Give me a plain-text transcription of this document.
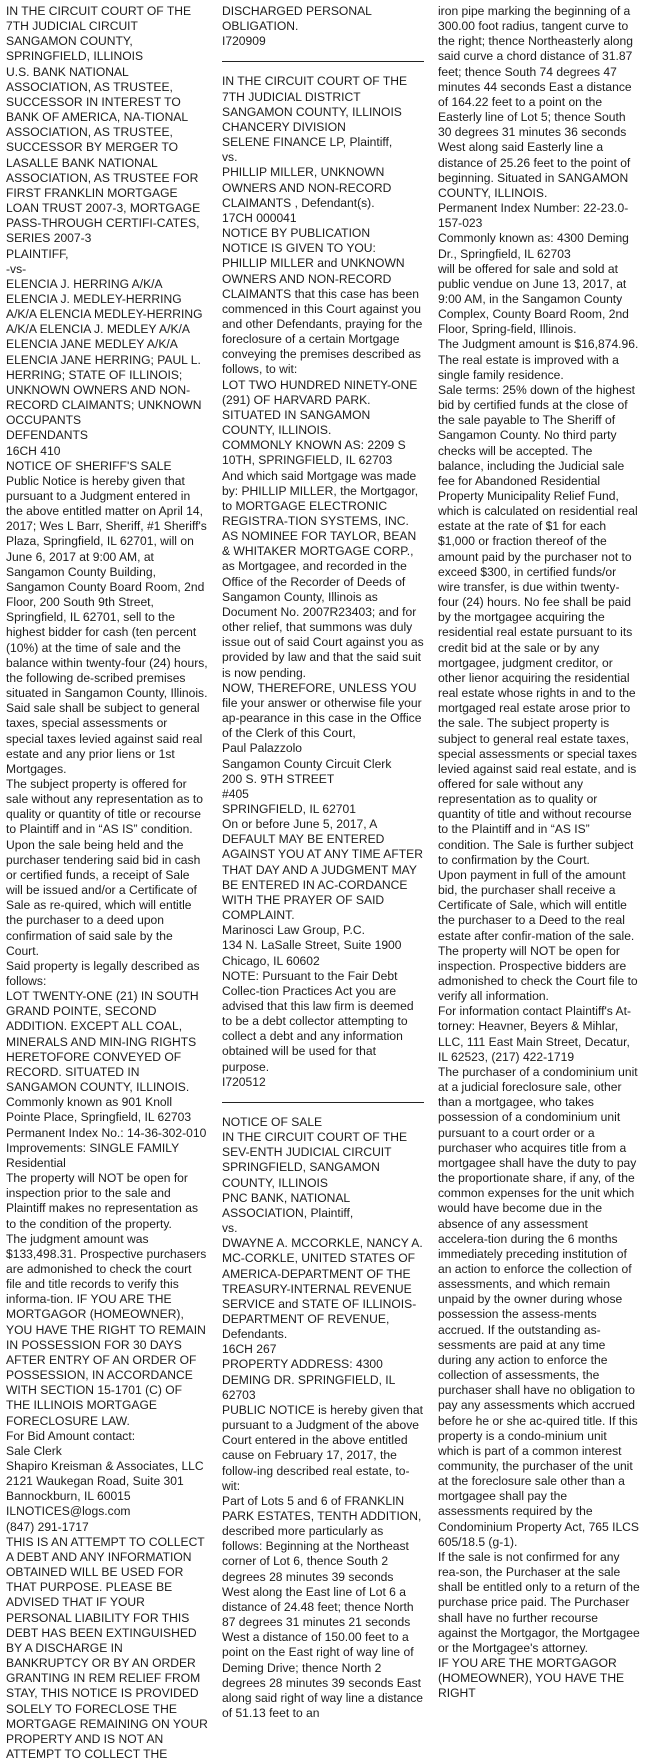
IN THE CIRCUIT COURT OF THE 7TH JUDICIAL CIRCUIT

SANGAMON COUNTY, SPRINGFIELD, ILLINOIS

U.S. BANK NATIONAL ASSOCIATION, AS TRUSTEE, SUCCESSOR IN INTEREST TO BANK OF AMERICA, NA-TIONAL ASSOCIATION, AS TRUSTEE, SUCCESSOR BY MERGER TO LASALLE BANK NATIONAL ASSOCIATION, AS TRUSTEE FOR FIRST FRANKLIN MORTGAGE LOAN TRUST 2007-3, MORTGAGE PASS-THROUGH CERTIFI-CATES, SERIES 2007-3

PLAINTIFF,

-vs-

ELENCIA J. HERRING A/K/A ELENCIA J. MEDLEY-HERRING A/K/A ELENCIA MEDLEY-HERRING A/K/A ELENCIA J. MEDLEY A/K/A ELENCIA JANE MEDLEY A/K/A ELENCIA JANE HERRING; PAUL L. HERRING; STATE OF ILLINOIS; UNKNOWN OWNERS AND NON-RECORD CLAIMANTS; UNKNOWN OCCUPANTS

DEFENDANTS

16CH 410

NOTICE OF SHERIFF'S SALE

Public Notice is hereby given that pursuant to a Judgment entered in the above entitled matter on April 14, 2017; Wes L Barr, Sheriff, #1 Sheriff's Plaza, Springfield, IL 62701, will on June 6, 2017 at 9:00 AM, at Sangamon County Building, Sangamon County Board Room, 2nd Floor, 200 South 9th Street, Springfield, IL 62701, sell to the highest bidder for cash (ten percent (10%) at the time of sale and the balance within twenty-four (24) hours, the following de-scribed premises situated in Sangamon County, Illinois.

Said sale shall be subject to general taxes, special assessments or special taxes levied against said real estate and any prior liens or 1st Mortgages.

The subject property is offered for sale without any representation as to quality or quantity of title or recourse to Plaintiff and in “AS IS” condition.

Upon the sale being held and the purchaser tendering said bid in cash or certified funds, a receipt of Sale will be issued and/or a Certificate of Sale as re-quired, which will entitle the purchaser to a deed upon confirmation of said sale by the Court.

Said property is legally described as follows:

LOT TWENTY-ONE (21) IN SOUTH GRAND POINTE, SECOND ADDITION. EXCEPT ALL COAL, MINERALS AND MIN-ING RIGHTS HERETOFORE CONVEYED OF RECORD. SITUATED IN SANGAMON COUNTY, ILLINOIS.

Commonly known as 901 Knoll Pointe Place, Springfield, IL 62703

Permanent Index No.: 14-36-302-010

Improvements: SINGLE FAMILY Residential

The property will NOT be open for inspection prior to the sale and Plaintiff makes no representation as to the condition of the property.

The judgment amount was $133,498.31. Prospective purchasers are admonished to check the court file and title records to verify this informa-tion. IF YOU ARE THE MORTGAGOR (HOMEOWNER), YOU HAVE THE RIGHT TO REMAIN IN POSSESSION FOR 30 DAYS AFTER ENTRY OF AN ORDER OF POSSESSION, IN ACCORDANCE WITH SECTION 15-1701 (C) OF THE ILLINOIS MORTGAGE FORECLOSURE LAW.

For Bid Amount contact:

Sale Clerk

Shapiro Kreisman & Associates, LLC

2121 Waukegan Road, Suite 301

Bannockburn, IL 60015

ILNOTICES@logs.com

(847) 291-1717

THIS IS AN ATTEMPT TO COLLECT A DEBT AND ANY INFORMATION OBTAINED WILL BE USED FOR THAT PURPOSE. PLEASE BE ADVISED THAT IF YOUR PERSONAL LIABILITY FOR THIS DEBT HAS BEEN EXTINGUISHED BY A DISCHARGE IN BANKRUPTCY OR BY AN ORDER GRANTING IN REM RELIEF FROM STAY, THIS NOTICE IS PROVIDED SOLELY TO FORECLOSE THE MORTGAGE REMAINING ON YOUR PROPERTY AND IS NOT AN ATTEMPT TO COLLECT THE

DISCHARGED PERSONAL OBLIGATION.

I720909

IN THE CIRCUIT COURT OF THE 7TH JUDICIAL DISTRICT

SANGAMON COUNTY, ILLINOIS

CHANCERY DIVISION

SELENE FINANCE LP, Plaintiff,

vs.

PHILLIP MILLER, UNKNOWN OWNERS AND NON-RECORD CLAIMANTS , Defendant(s).

17CH 000041

NOTICE BY PUBLICATION

NOTICE IS GIVEN TO YOU: PHILLIP MILLER and UNKNOWN OWNERS AND NON-RECORD CLAIMANTS that this case has been commenced in this Court against you and other Defendants, praying for the foreclosure of a certain Mortgage conveying the premises described as follows, to wit:

LOT TWO HUNDRED NINETY-ONE (291) OF HARVARD PARK. SITUATED IN SANGAMON COUNTY, ILLINOIS.

COMMONLY KNOWN AS: 2209 S 10TH, SPRINGFIELD, IL 62703

And which said Mortgage was made by: PHILLIP MILLER, the Mortgagor, to MORTGAGE ELECTRONIC REGISTRA-TION SYSTEMS, INC. AS NOMINEE FOR TAYLOR, BEAN & WHITAKER MORTGAGE CORP., as Mortgagee, and recorded in the Office of the Recorder of Deeds of Sangamon County, Illinois as Document No. 2007R23403; and for other relief, that summons was duly issue out of said Court against you as provided by law and that the said suit is now pending.

NOW, THEREFORE, UNLESS YOU file your answer or otherwise file your ap-pearance in this case in the Office of the Clerk of this Court,

Paul Palazzolo

Sangamon County Circuit Clerk

200 S. 9TH STREET

#405

SPRINGFIELD, IL 62701

On or before June 5, 2017, A DEFAULT MAY BE ENTERED AGAINST YOU AT ANY TIME AFTER THAT DAY AND A JUDGMENT MAY BE ENTERED IN AC-CORDANCE WITH THE PRAYER OF SAID COMPLAINT.

Marinosci Law Group, P.C.

134 N. LaSalle Street, Suite 1900

Chicago, IL 60602

NOTE: Pursuant to the Fair Debt Collec-tion Practices Act you are advised that this law firm is deemed to be a debt collector attempting to collect a debt and any information obtained will be used for that purpose.

I720512

NOTICE OF SALE

IN THE CIRCUIT COURT OF THE SEV-ENTH JUDICIAL CIRCUIT

SPRINGFIELD, SANGAMON COUNTY, ILLINOIS

PNC BANK, NATIONAL ASSOCIATION, Plaintiff,

vs.

DWAYNE A. MCCORKLE, NANCY A. MC-CORKLE, UNITED STATES OF AMERICA-DEPARTMENT OF THE TREASURY-INTERNAL REVENUE SERVICE and STATE OF ILLINOIS-DEPARTMENT OF REVENUE,

Defendants.

16CH 267

PROPERTY ADDRESS: 4300 DEMING DR. SPRINGFIELD, IL 62703

PUBLIC NOTICE is hereby given that pursuant to a Judgment of the above Court entered in the above entitled cause on February 17, 2017, the follow-ing described real estate, to-wit:

Part of Lots 5 and 6 of FRANKLIN PARK ESTATES, TENTH ADDITION, described more particularly as follows: Beginning at the Northeast corner of Lot 6, thence South 2 degrees 28 minutes 39 seconds West along the East line of Lot 6 a distance of 24.48 feet; thence North 87 degrees 31 minutes 21 seconds West a distance of 150.00 feet to a point on the East right of way line of Deming Drive; thence North 2 degrees 28 minutes 39 seconds East along said right of way line a distance of 51.13 feet to an

iron pipe marking the beginning of a 300.00 foot radius, tangent curve to the right; thence Northeasterly along said curve a chord distance of 31.87 feet; thence South 74 degrees 47 minutes 44 seconds East a distance of 164.22 feet to a point on the Easterly line of Lot 5; thence South 30 degrees 31 minutes 36 seconds West along said Easterly line a distance of 25.26 feet to the point of beginning. Situated in SANGAMON COUNTY, ILLINOIS.

Permanent Index Number: 22-23.0-157-023

Commonly known as: 4300 Deming Dr., Springfield, IL 62703

will be offered for sale and sold at public vendue on June 13, 2017, at 9:00 AM, in the Sangamon County Complex, County Board Room, 2nd Floor, Spring-field, Illinois.

The Judgment amount is $16,874.96.

The real estate is improved with a single family residence.

Sale terms: 25% down of the highest bid by certified funds at the close of the sale payable to The Sheriff of Sangamon County. No third party checks will be accepted. The balance, including the Judicial sale fee for Abandoned Residential Property Municipality Relief Fund, which is calculated on residential real estate at the rate of $1 for each $1,000 or fraction thereof of the amount paid by the purchaser not to exceed $300, in certified funds/or wire transfer, is due within twenty-four (24) hours. No fee shall be paid by the mortgagee acquiring the residential real estate pursuant to its credit bid at the sale or by any mortgagee, judgment creditor, or other lienor acquiring the residential real estate whose rights in and to the mortgaged real estate arose prior to the sale. The subject property is subject to general real estate taxes, special assessments or special taxes levied against said real estate, and is offered for sale without any representation as to quality or quantity of title and without recourse to the Plaintiff and in “AS IS” condition. The Sale is further subject to confirmation by the Court.

Upon payment in full of the amount bid, the purchaser shall receive a Certificate of Sale, which will entitle the purchaser to a Deed to the real estate after confir-mation of the sale.

The property will NOT be open for inspection. Prospective bidders are admonished to check the Court file to verify all information.

For information contact Plaintiff's At-torney: Heavner, Beyers & Mihlar, LLC, 111 East Main Street, Decatur, IL 62523, (217) 422-1719

The purchaser of a condominium unit at a judicial foreclosure sale, other than a mortgagee, who takes possession of a condominium unit pursuant to a court order or a purchaser who acquires title from a mortgagee shall have the duty to pay the proportionate share, if any, of the common expenses for the unit which would have become due in the absence of any assessment accelera-tion during the 6 months immediately preceding institution of an action to enforce the collection of assessments, and which remain unpaid by the owner during whose possession the assess-ments accrued. If the outstanding as-sessments are paid at any time during any action to enforce the collection of assessments, the purchaser shall have no obligation to pay any assessments which accrued before he or she ac-quired title. If this property is a condo-minium unit which is part of a common interest community, the purchaser of the unit at the foreclosure sale other than a mortgagee shall pay the assessments required by the Condominium Property Act, 765 ILCS 605/18.5 (g-1).

If the sale is not confirmed for any rea-son, the Purchaser at the sale shall be entitled only to a return of the purchase price paid. The Purchaser shall have no further recourse against the Mortgagor, the Mortgagee or the Mortgagee's attorney.

IF YOU ARE THE MORTGAGOR (HOMEOWNER), YOU HAVE THE RIGHT
